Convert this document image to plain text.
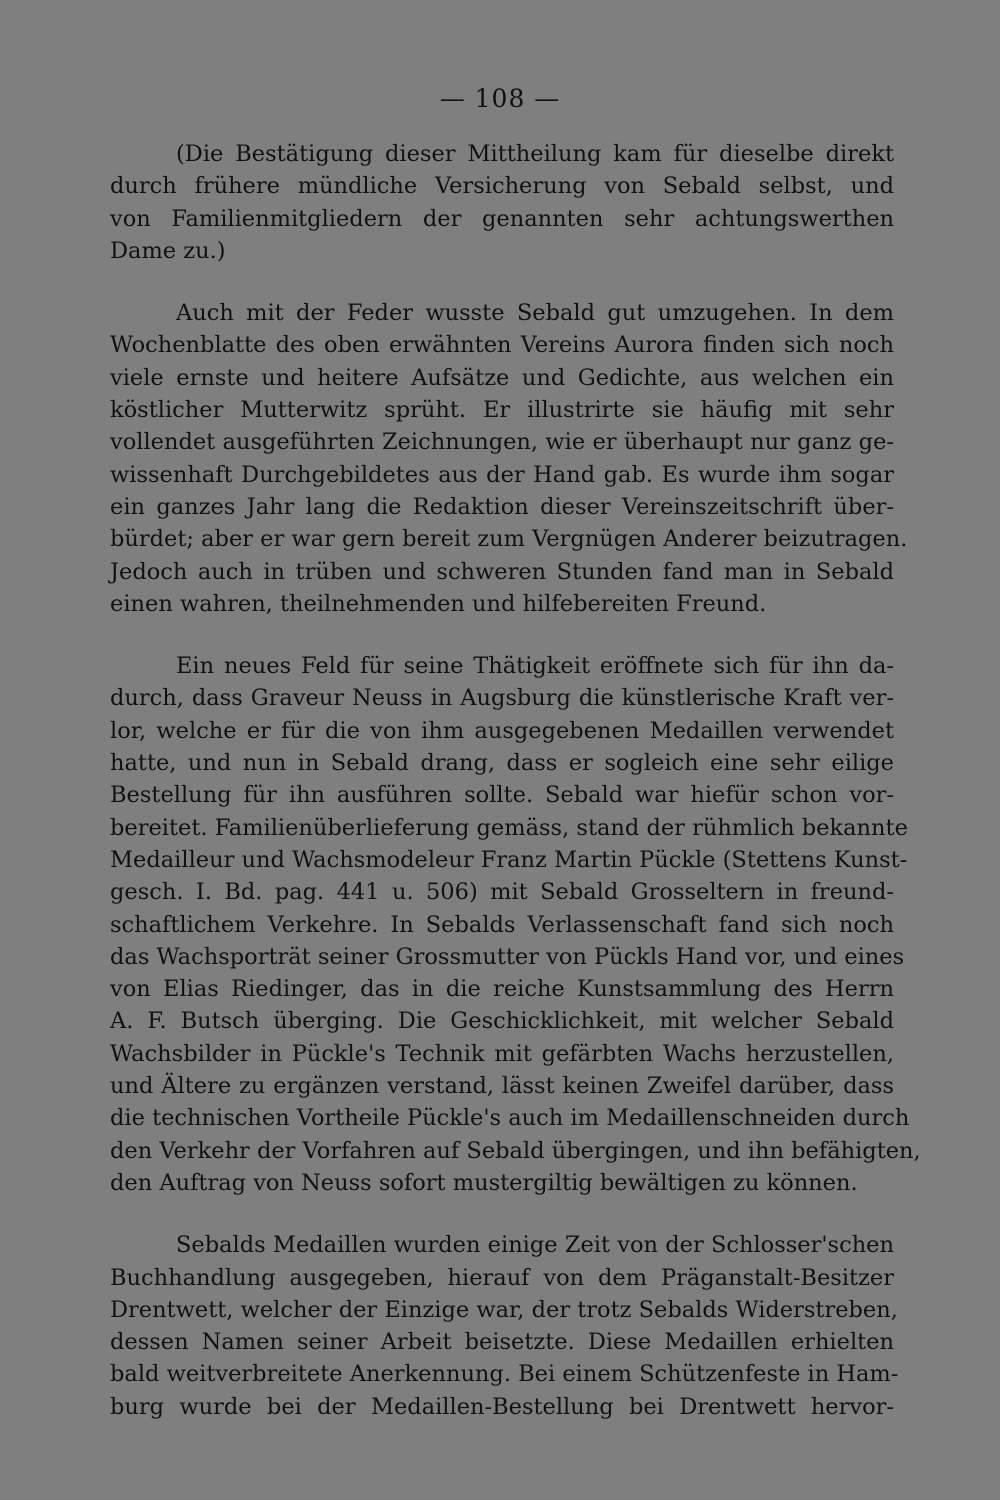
— 108 —

(Die Bestätigung dieser Mittheilung kam für dieselbe direkt
durch frühere mündliche Versicherung von Sebald selbst, und
von Familienmitgliedern der genannten sehr achtungswerthen
Dame zu.)

Auch mit der Feder wusste Sebald gut umzugehen. In dem
Wochenblatte des oben erwähnten Vereins Aurora finden sich noch
viele ernste und heitere Aufsätze und Gedichte, aus welchen ein
köstlicher Mutterwitz sprüht. Er illustrirte sie häufig mit sehr
vollendet ausgeführten Zeichnungen, wie er überhaupt nur ganz ge-
wissenhaft Durchgebildetes aus der Hand gab. Es wurde ihm sogar
ein ganzes Jahr lang die Redaktion dieser Vereinszeitschrift über-
bürdet; aber er war gern bereit zum Vergnügen Anderer beizutragen.
Jedoch auch in trüben und schweren Stunden fand man in Sebald
einen wahren, theilnehmenden und hilfebereiten Freund.

Ein neues Feld für seine Thätigkeit eröffnete sich für ihn da-
durch, dass Graveur Neuss in Augsburg die künstlerische Kraft ver-
lor, welche er für die von ihm ausgegebenen Medaillen verwendet
hatte, und nun in Sebald drang, dass er sogleich eine sehr eilige
Bestellung für ihn ausführen sollte. Sebald war hiefür schon vor-
bereitet. Familienüberlieferung gemäss, stand der rühmlich bekannte
Medailleur und Wachsmodeleur Franz Martin Pückle (Stettens Kunst-
gesch. I. Bd. pag. 441 u. 506) mit Sebald Grosseltern in freund-
schaftlichem Verkehre. In Sebalds Verlassenschaft fand sich noch
das Wachsporträt seiner Grossmutter von Pückls Hand vor, und eines
von Elias Riedinger, das in die reiche Kunstsammlung des Herrn
A. F. Butsch überging. Die Geschicklichkeit, mit welcher Sebald
Wachsbilder in Pückle's Technik mit gefärbten Wachs herzustellen,
und Ältere zu ergänzen verstand, lässt keinen Zweifel darüber, dass
die technischen Vortheile Pückle's auch im Medaillenschneiden durch
den Verkehr der Vorfahren auf Sebald übergingen, und ihn befähigten,
den Auftrag von Neuss sofort mustergiltig bewältigen zu können.

Sebalds Medaillen wurden einige Zeit von der Schlosser'schen
Buchhandlung ausgegeben, hierauf von dem Präganstalt-Besitzer
Drentwett, welcher der Einzige war, der trotz Sebalds Widerstreben,
dessen Namen seiner Arbeit beisetzte. Diese Medaillen erhielten
bald weitverbreitete Anerkennung. Bei einem Schützenfeste in Ham-
burg wurde bei der Medaillen-Bestellung bei Drentwett hervor-
